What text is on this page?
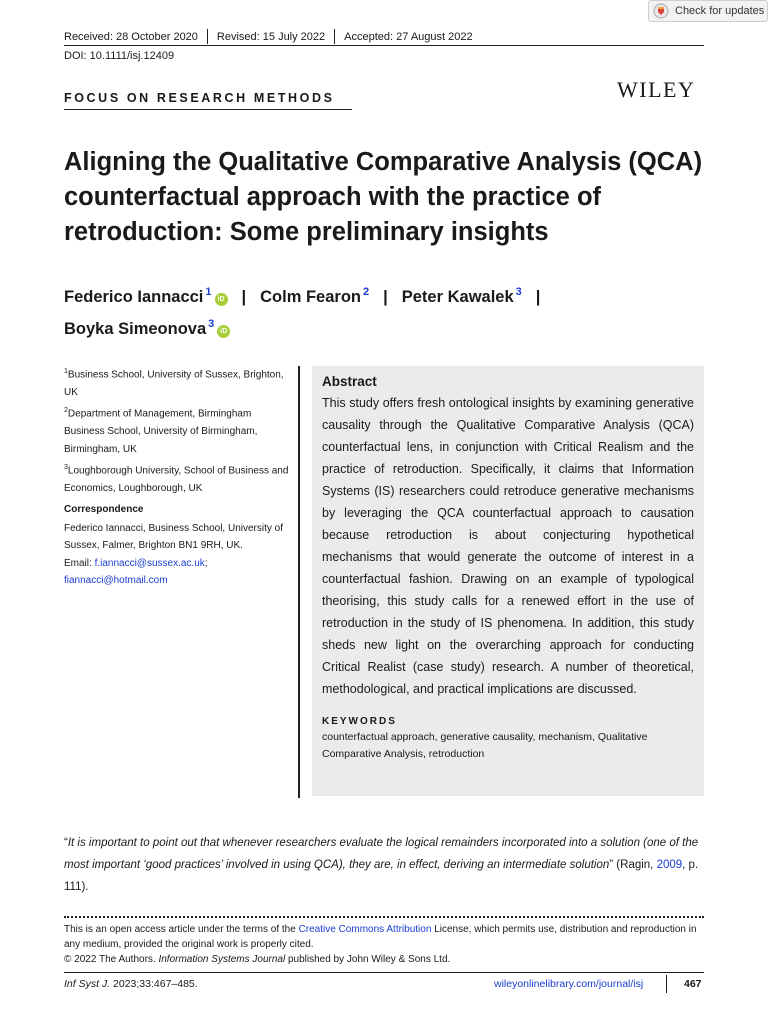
Check for updates
Received: 28 October 2020 Revised: 15 July 2022 Accepted: 27 August 2022
DOI: 10.1111/isj.12409
FOCUS ON RESEARCH METHODS	WILEY
Aligning the Qualitative Comparative Analysis (QCA) counterfactual approach with the practice of retroduction: Some preliminary insights
Federico Iannacci $^1$iD | Colm Fearon $^2$ | Peter Kawalek $^3$ |
Boyka Simeonova $^3$iD

$^1$Business School, University of Sussex, Brighton, UK

$^2$Department of Management, Birmingham Business School, University of Birmingham, Birmingham, UK

$^3$Loughborough University, School of Business and Economics, Loughborough, UK

Correspondence

Federico Iannacci, Business School, University of Sussex, Falmer, Brighton BN1 9RH, UK.
Email: f.iannacci@sussex.ac.uk; fiannacci@hotmail.com

Abstract
This study offers fresh ontological insights by examining generative causality through the Qualitative Comparative Analysis (QCA) counterfactual lens, in conjunction with Critical Realism and the practice of retroduction. Specifically, it claims that Information Systems (IS) researchers could retroduce generative mechanisms by leveraging the QCA counterfactual approach to causation because retroduction is about conjecturing hypothetical mechanisms that would generate the outcome of interest in a counterfactual fashion. Drawing on an example of typological theorising, this study calls for a renewed effort in the use of retroduction in the study of IS phenomena. In addition, this study sheds new light on the overarching approach for conducting Critical Realist (case study) research. A number of theoretical, methodological, and practical implications are discussed.
KEYWORDS
counterfactual approach, generative causality, mechanism, Qualitative Comparative Analysis, retroduction
“It is important to point out that whenever researchers evaluate the logical remainders incorporated into a solution (one of the most important ‘good practices’ involved in using QCA), they are, in effect, deriving an intermediate solution” (Ragin, 2009, p. 111).
This is an open access article under the terms of the Creative Commons Attribution License, which permits use, distribution and reproduction in any medium, provided the original work is properly cited.
© 2022 The Authors. Information Systems Journal published by John Wiley & Sons Ltd.
Inf Syst J. 2023;33:467–485.	wileyonlinelibrary.com/journal/isj	467
